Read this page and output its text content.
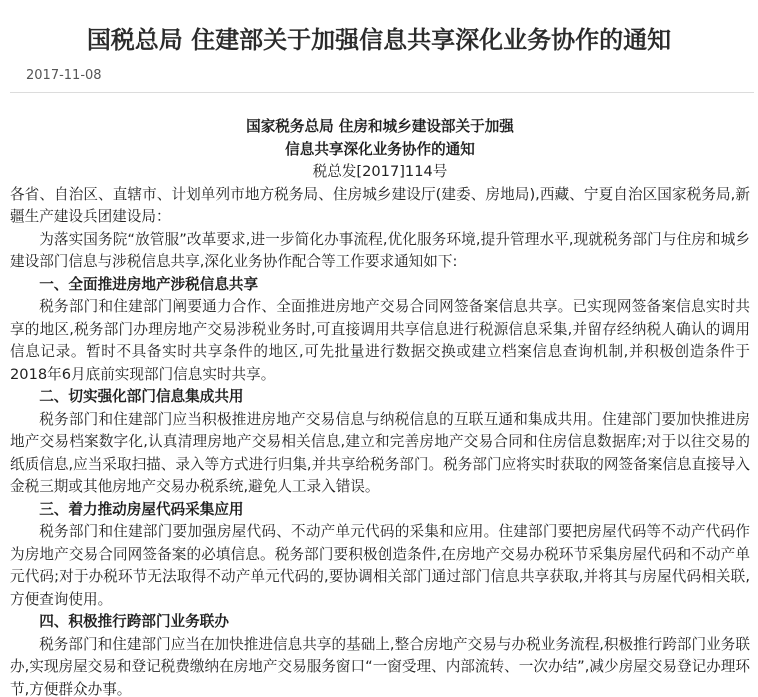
国税总局 住建部关于加强信息共享深化业务协作的通知
2017-11-08

国家税务总局 住房和城乡建设部关于加强

信息共享深化业务协作的通知

税总发[2017]114号

各省、自治区、直辖市、计划单列市地方税务局、住房城乡建设厅(建委、房地局),西藏、宁夏自治区国家税务局,新疆生产建设兵团建设局：

为落实国务院“放管服”改革要求,进一步简化办事流程,优化服务环境,提升管理水平,现就税务部门与住房和城乡建设部门信息与涉税信息共享,深化业务协作配合等工作要求通知如下:

一、全面推进房地产涉税信息共享

税务部门和住建部门阐要通力合作、全面推进房地产交易合同网签备案信息共享。已实现网签备案信息实时共享的地区,税务部门办理房地产交易涉税业务时,可直接调用共享信息进行税源信息采集,并留存经纳税人确认的调用信息记录。暂时不具备实时共享条件的地区,可先批量进行数据交换或建立档案信息查询机制,并积极创造条件于2018年6月底前实现部门信息实时共享。

二、切实强化部门信息集成共用

税务部门和住建部门应当积极推进房地产交易信息与纳税信息的互联互通和集成共用。住建部门要加快推进房地产交易档案数字化,认真清理房地产交易相关信息,建立和完善房地产交易合同和住房信息数据库;对于以往交易的纸质信息,应当采取扫描、录入等方式进行归集,并共享给税务部门。税务部门应将实时获取的网签备案信息直接导入金税三期或其他房地产交易办税系统,避免人工录入错误。

三、着力推动房屋代码采集应用

税务部门和住建部门要加强房屋代码、不动产单元代码的采集和应用。住建部门要把房屋代码等不动产代码作为房地产交易合同网签备案的必填信息。税务部门要积极创造条件,在房地产交易办税环节采集房屋代码和不动产单元代码;对于办税环节无法取得不动产单元代码的,要协调相关部门通过部门信息共享获取,并将其与房屋代码相关联,方便查询使用。

四、积极推行跨部门业务联办

税务部门和住建部门应当在加快推进信息共享的基础上,整合房地产交易与办税业务流程,积极推行跨部门业务联办,实现房屋交易和登记税费缴纳在房地产交易服务窗口“一窗受理、内部流转、一次办结”,减少房屋交易登记办理环节,方便群众办事。
